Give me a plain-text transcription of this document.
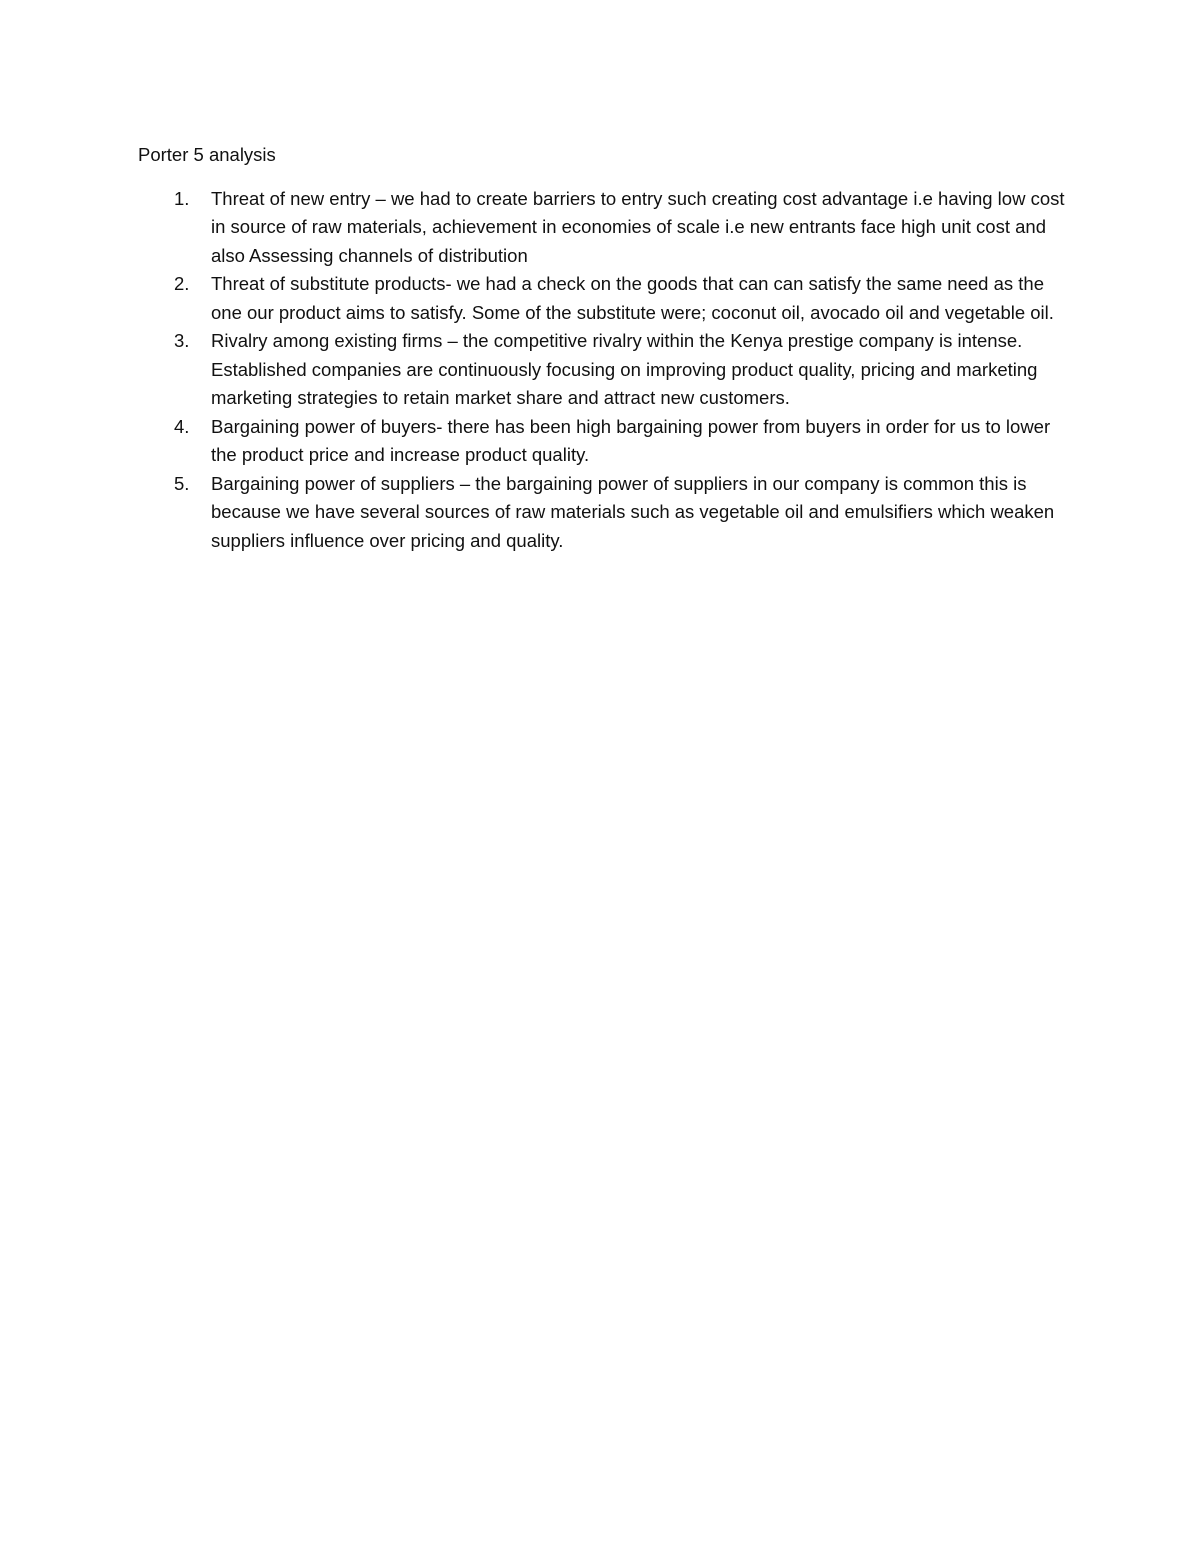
Porter 5 analysis
1.	Threat of new entry – we had to create barriers to entry such creating cost advantage i.e having low cost in source of raw materials, achievement in economies of scale i.e new entrants face high unit cost and also Assessing channels of distribution
2.	Threat of substitute products- we had a check on the goods that can can satisfy the same need as the one our product aims to satisfy. Some of the substitute were; coconut oil, avocado oil and vegetable oil.
3.	Rivalry among existing firms – the competitive rivalry within the Kenya prestige company is intense. Established companies are continuously focusing on improving product quality, pricing and marketing marketing strategies to retain market share and attract new customers.
4.	Bargaining power of buyers- there has been high bargaining power from buyers in order for us to lower the product price and increase product quality.
5.	Bargaining power of suppliers – the bargaining power of suppliers in our company is common this is because we have several sources of raw materials such as vegetable oil and emulsifiers which weaken suppliers influence over pricing and quality.
